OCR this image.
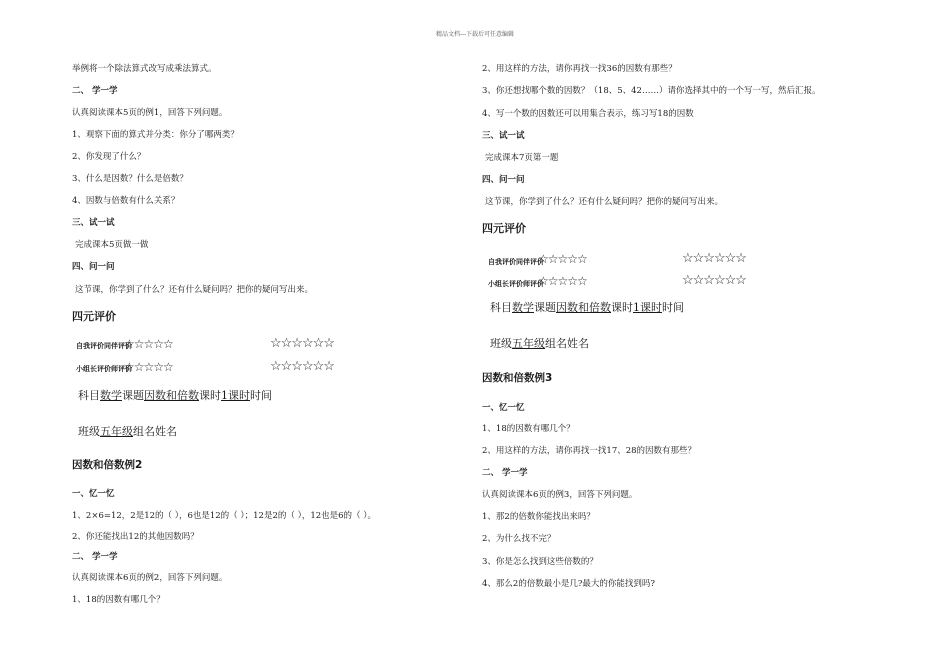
精品文档---下载后可任意编辑
举例将一个除法算式改写成乘法算式。
二、 学一学
认真阅读课本5页的例1，回答下列问题。
1、观察下面的算式并分类：你分了哪两类？
2、你发现了什么？
3、什么是因数？什么是倍数？
4、因数与倍数有什么关系？
三、试一试
完成课本5页做一做
四、问一问
这节课，你学到了什么？还有什么疑问吗？把你的疑问写出来。
四元评价
自我评价同伴评价
☆☆☆☆☆	☆☆☆☆☆☆
小组长评价师评价
☆☆☆☆☆	☆☆☆☆☆☆
科目数学课题因数和倍数课时1课时时间
班级五年级组名姓名
因数和倍数例2
一、忆一忆
1、2×6=12，2是12的（ ），6也是12的（ ）；12是2的（ ），12也是6的（ ）。
2、你还能找出12的其他因数吗？
二、 学一学
认真阅读课本6页的例2，回答下列问题。
1、18的因数有哪几个？
2、用这样的方法，请你再找一找36的因数有那些？
3、你还想找哪个数的因数？（18、5、42……）请你选择其中的一个写一写，然后汇报。
4、写一个数的因数还可以用集合表示，练习写18的因数
三、试一试
完成课本7页第一题
四、问一问
这节课，你学到了什么？还有什么疑问吗？把你的疑问写出来。
四元评价
自我评价同伴评价
☆☆☆☆☆	☆☆☆☆☆☆
小组长评价师评价
☆☆☆☆☆	☆☆☆☆☆☆
科目数学课题因数和倍数课时1课时时间
班级五年级组名姓名
因数和倍数例3
一、忆一忆
1、18的因数有哪几个？
2、用这样的方法，请你再找一找17、28的因数有那些？
二、 学一学
认真阅读课本6页的例3，回答下列问题。
1、那2的倍数你能找出来吗？
2、为什么找不完？
3、你是怎么找到这些倍数的？
4、那么2的倍数最小是几?最大的你能找到吗?
